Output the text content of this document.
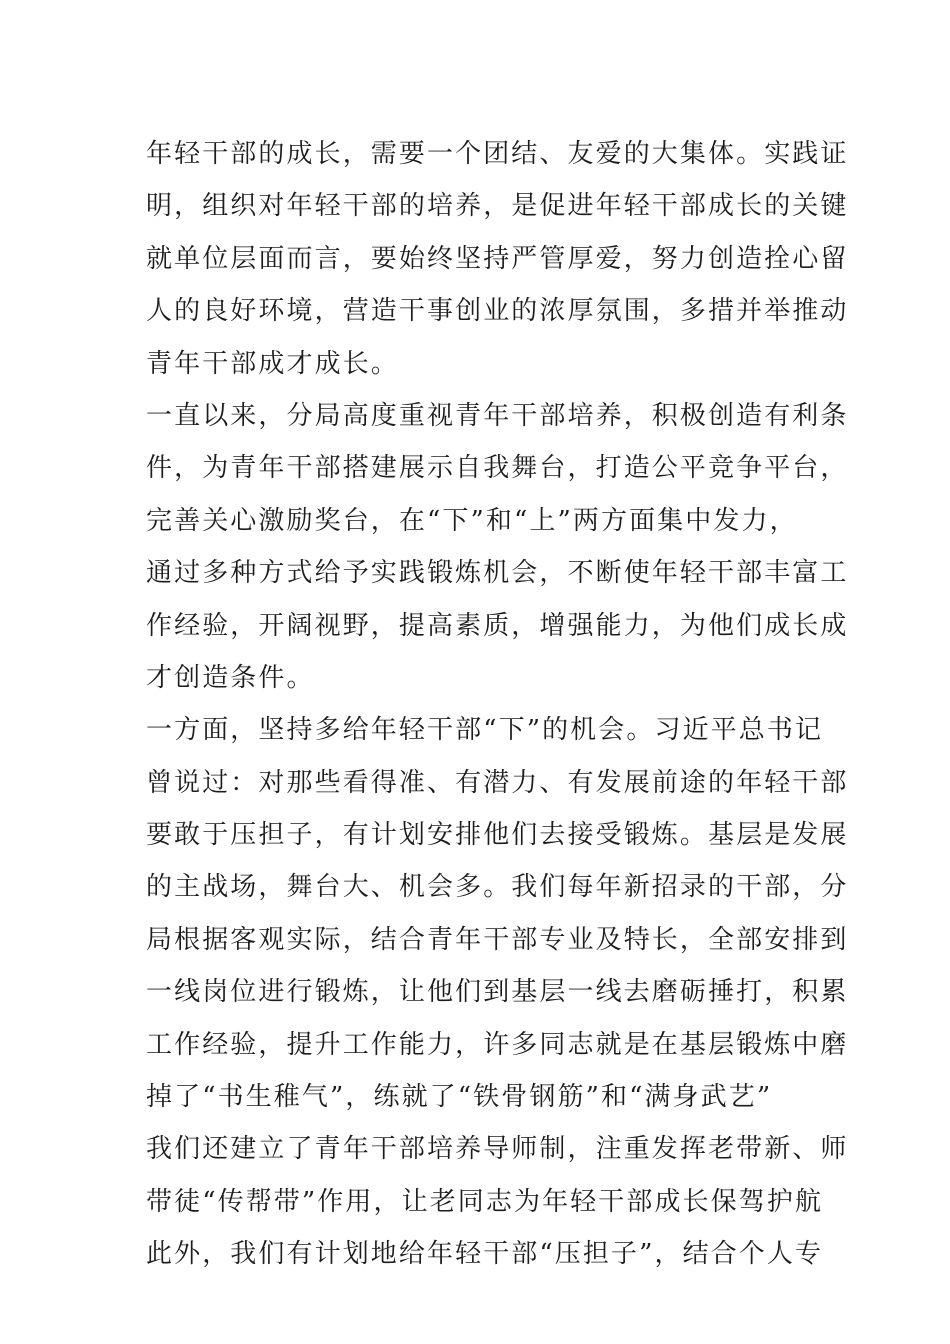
年轻干部的成长，需要一个团结、友爱的大集体。实践证
明，组织对年轻干部的培养，是促进年轻干部成长的关键
就单位层面而言，要始终坚持严管厚爱，努力创造拴心留
人的良好环境，营造干事创业的浓厚氛围，多措并举推动
青年干部成才成长。
一直以来，分局高度重视青年干部培养，积极创造有利条
件，为青年干部搭建展示自我舞台，打造公平竞争平台，
完善关心激励奖台，在“下”和“上”两方面集中发力，
通过多种方式给予实践锻炼机会，不断使年轻干部丰富工
作经验，开阔视野，提高素质，增强能力，为他们成长成
才创造条件。
一方面，坚持多给年轻干部“下”的机会。习近平总书记
曾说过：对那些看得准、有潜力、有发展前途的年轻干部
要敢于压担子，有计划安排他们去接受锻炼。基层是发展
的主战场，舞台大、机会多。我们每年新招录的干部，分
局根据客观实际，结合青年干部专业及特长，全部安排到
一线岗位进行锻炼，让他们到基层一线去磨砺捶打，积累
工作经验，提升工作能力，许多同志就是在基层锻炼中磨
掉了“书生稚气”，练就了“铁骨钢筋”和“满身武艺”
我们还建立了青年干部培养导师制，注重发挥老带新、师
带徒“传帮带”作用，让老同志为年轻干部成长保驾护航
此外，我们有计划地给年轻干部“压担子”，结合个人专
